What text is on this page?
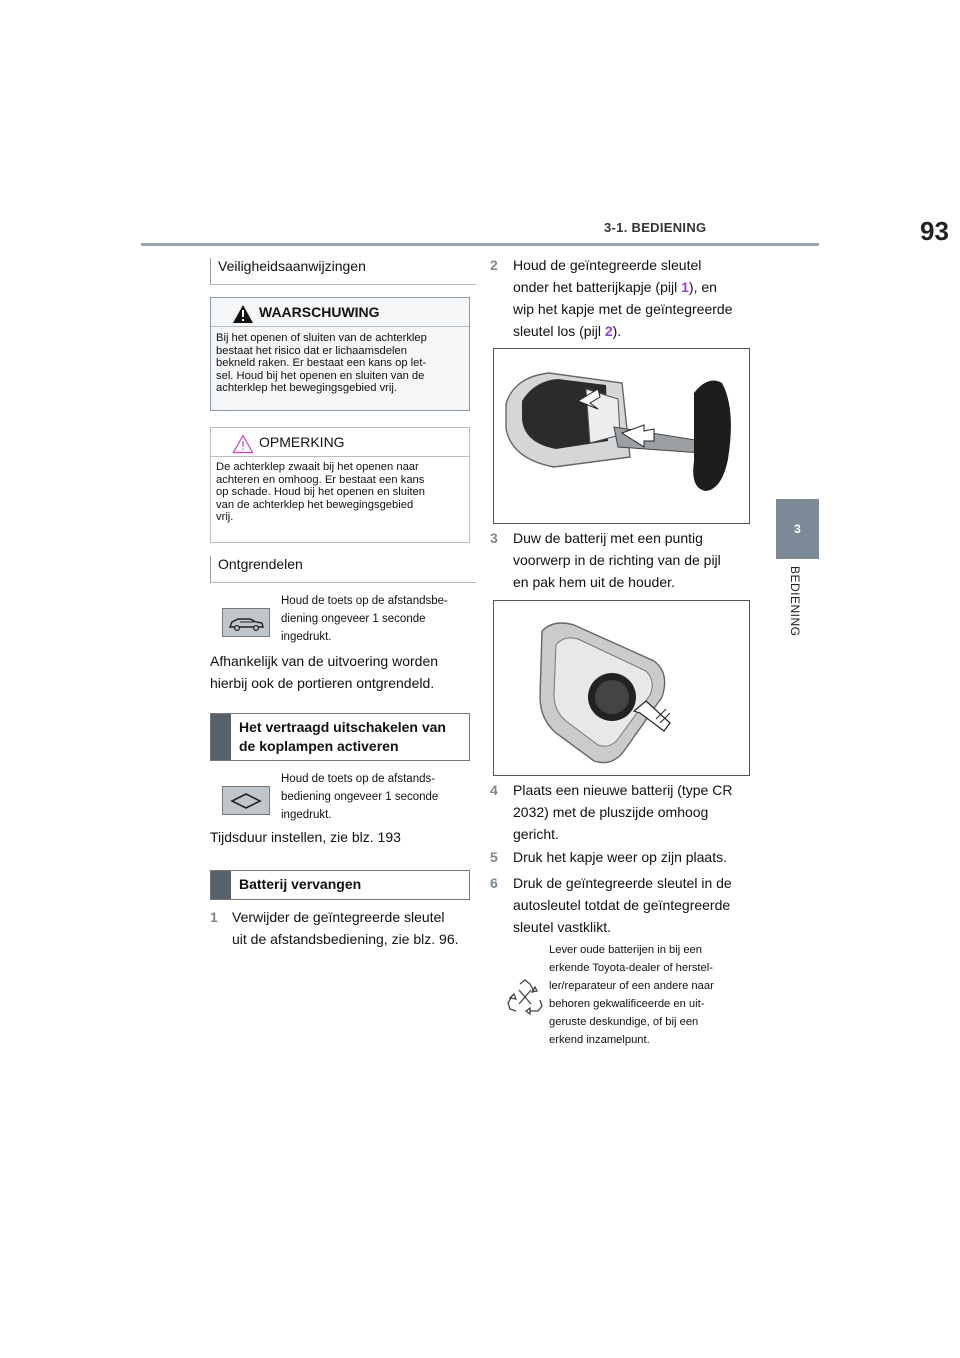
3-1. BEDIENING	93
3
BEDIENING
Veiligheidsaanwijzingen
WAARSCHUWING
Bij het openen of sluiten van de achterklep
bestaat het risico dat er lichaamsdelen
bekneld raken. Er bestaat een kans op let-
sel. Houd bij het openen en sluiten van de
achterklep het bewegingsgebied vrij.
OPMERKING
De achterklep zwaait bij het openen naar
achteren en omhoog. Er bestaat een kans
op schade. Houd bij het openen en sluiten
van de achterklep het bewegingsgebied
vrij.
Ontgrendelen
Houd de toets op de afstandsbe-
diening ongeveer 1 seconde
ingedrukt.
Afhankelijk van de uitvoering worden
hierbij ook de portieren ontgrendeld.
Het vertraagd uitschakelen van
de koplampen activeren
Houd de toets op de afstands-
bediening ongeveer 1 seconde
ingedrukt.
Tijdsduur instellen, zie blz. 193
Batterij vervangen
1 Verwijder de geïntegreerde sleutel
uit de afstandsbediening, zie blz. 96.
2 Houd de geïntegreerde sleutel
onder het batterijkapje (pijl 1), en
wip het kapje met de geïntegreerde
sleutel los (pijl 2).
3 Duw de batterij met een puntig
voorwerp in de richting van de pijl
en pak hem uit de houder.
4 Plaats een nieuwe batterij (type CR
2032) met de pluszijde omhoog
gericht.
5 Druk het kapje weer op zijn plaats.
6 Druk de geïntegreerde sleutel in de
autosleutel totdat de geïntegreerde
sleutel vastklikt.
Lever oude batterijen in bij een
erkende Toyota-dealer of herstel-
ler/reparateur of een andere naar
behoren gekwalificeerde en uit-
geruste deskundige, of bij een
erkend inzamelpunt.
